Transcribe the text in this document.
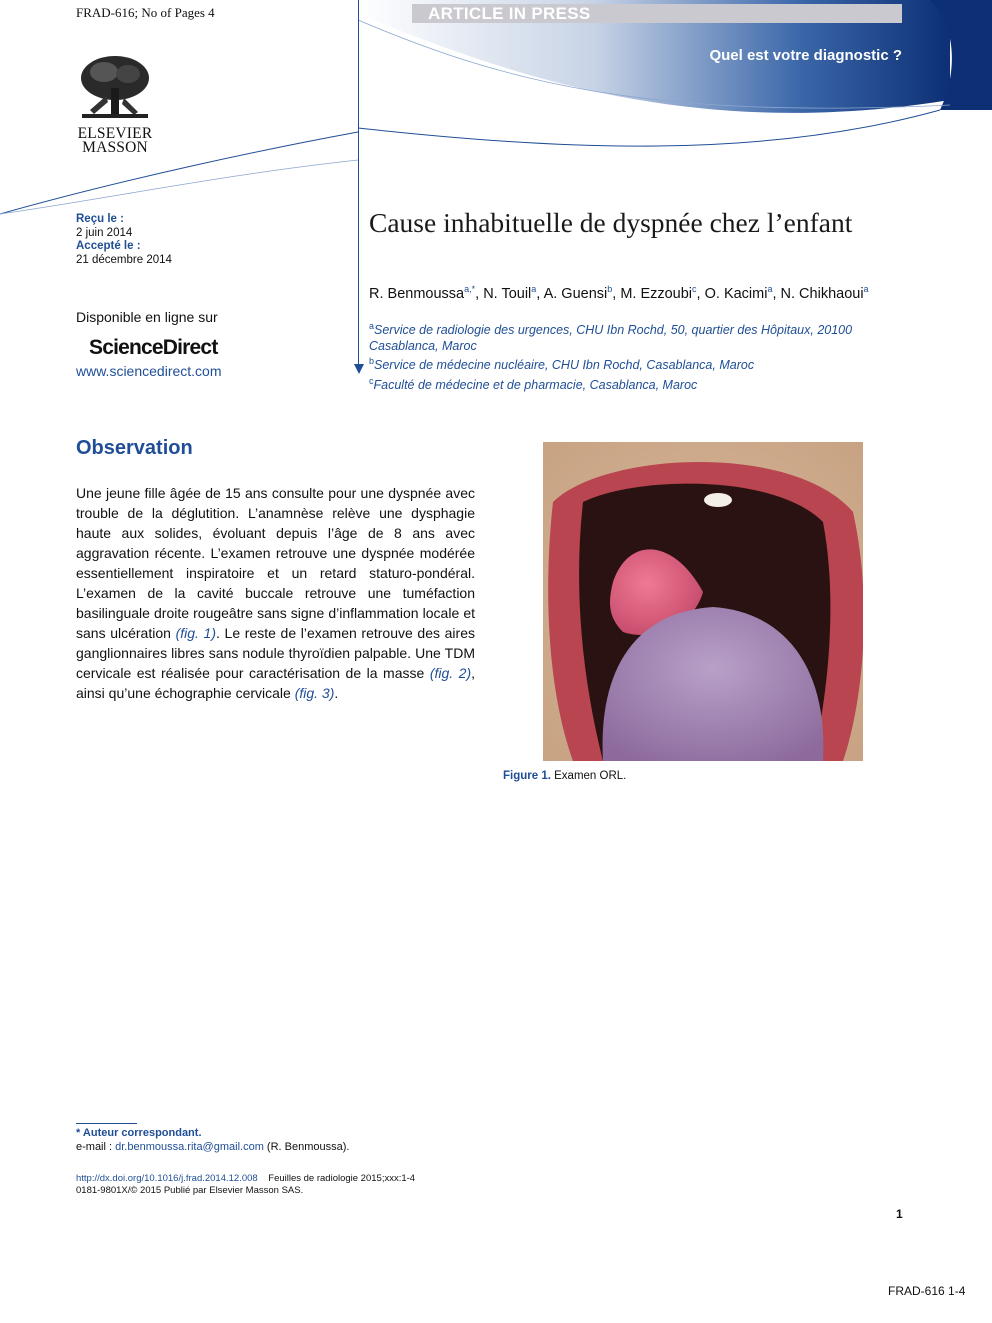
FRAD-616; No of Pages 4	ARTICLE IN PRESS
Quel est votre diagnostic ?
ELSEVIER
MASSON
Reçu le :
2 juin 2014
Accepté le :
21 décembre 2014
Disponible en ligne sur
ScienceDirect
www.sciencedirect.com
Cause inhabituelle de dyspnée chez l’enfant
R. Benmoussa$^{a,*}$, N. Touil$^a$, A. Guensi$^b$, M. Ezzoubi$^c$, O. Kacimi$^a$, N. Chikhaoui$^a$
$^a$Service de radiologie des urgences, CHU Ibn Rochd, 50, quartier des Hôpitaux, 20100 Casablanca, Maroc
$^b$Service de médecine nucléaire, CHU Ibn Rochd, Casablanca, Maroc
$^c$Faculté de médecine et de pharmacie, Casablanca, Maroc
Observation
Une jeune fille âgée de 15 ans consulte pour une dyspnée avec trouble de la déglutition. L’anamnèse relève une dysphagie haute aux solides, évoluant depuis l’âge de 8 ans avec aggravation récente. L’examen retrouve une dyspnée modérée essentiellement inspiratoire et un retard staturo-pondéral. L’examen de la cavité buccale retrouve une tuméfaction basilinguale droite rougeâtre sans signe d’inflammation locale et sans ulcération (fig. 1). Le reste de l’examen retrouve des aires ganglionnaires libres sans nodule thyroïdien palpable. Une TDM cervicale est réalisée pour caractérisation de la masse (fig. 2), ainsi qu’une échographie cervicale (fig. 3).
Figure 1. Examen ORL.
* Auteur correspondant.
e-mail : dr.benmoussa.rita@gmail.com (R. Benmoussa).
http://dx.doi.org/10.1016/j.frad.2014.12.008 Feuilles de radiologie 2015;xxx:1-4
0181-9801X/© 2015 Publié par Elsevier Masson SAS.
1
FRAD-616 1-4
